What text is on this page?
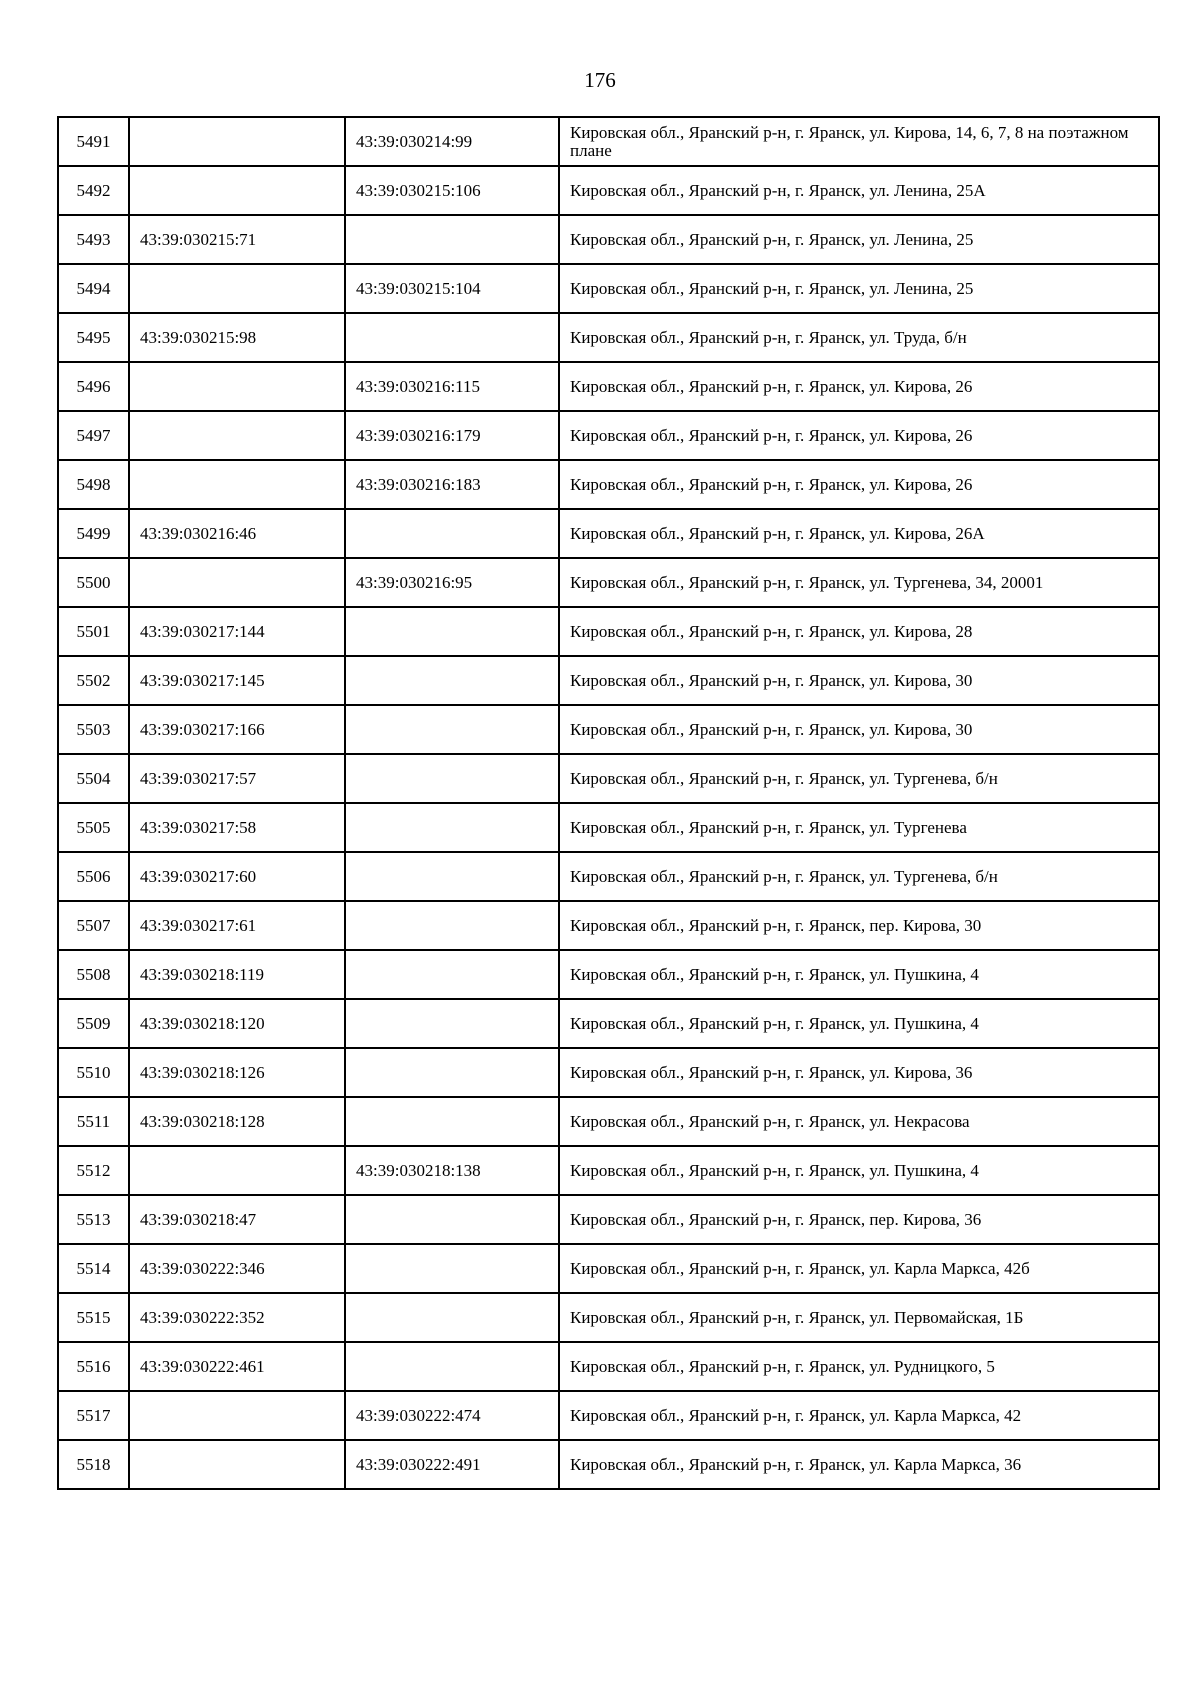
176
5491		43:39:030214:99	Кировская обл., Яранский р-н, г. Яранск, ул. Кирова, 14, 6, 7, 8 на поэтажном плане
5492		43:39:030215:106	Кировская обл., Яранский р-н, г. Яранск, ул. Ленина, 25А
5493	43:39:030215:71		Кировская обл., Яранский р-н, г. Яранск, ул. Ленина, 25
5494		43:39:030215:104	Кировская обл., Яранский р-н, г. Яранск, ул. Ленина, 25
5495	43:39:030215:98		Кировская обл., Яранский р-н, г. Яранск, ул. Труда, б/н
5496		43:39:030216:115	Кировская обл., Яранский р-н, г. Яранск, ул. Кирова, 26
5497		43:39:030216:179	Кировская обл., Яранский р-н, г. Яранск, ул. Кирова, 26
5498		43:39:030216:183	Кировская обл., Яранский р-н, г. Яранск, ул. Кирова, 26
5499	43:39:030216:46		Кировская обл., Яранский р-н, г. Яранск, ул. Кирова, 26А
5500		43:39:030216:95	Кировская обл., Яранский р-н, г. Яранск, ул. Тургенева, 34, 20001
5501	43:39:030217:144		Кировская обл., Яранский р-н, г. Яранск, ул. Кирова, 28
5502	43:39:030217:145		Кировская обл., Яранский р-н, г. Яранск, ул. Кирова, 30
5503	43:39:030217:166		Кировская обл., Яранский р-н, г. Яранск, ул. Кирова, 30
5504	43:39:030217:57		Кировская обл., Яранский р-н, г. Яранск, ул. Тургенева, б/н
5505	43:39:030217:58		Кировская обл., Яранский р-н, г. Яранск, ул. Тургенева
5506	43:39:030217:60		Кировская обл., Яранский р-н, г. Яранск, ул. Тургенева, б/н
5507	43:39:030217:61		Кировская обл., Яранский р-н, г. Яранск, пер. Кирова, 30
5508	43:39:030218:119		Кировская обл., Яранский р-н, г. Яранск, ул. Пушкина, 4
5509	43:39:030218:120		Кировская обл., Яранский р-н, г. Яранск, ул. Пушкина, 4
5510	43:39:030218:126		Кировская обл., Яранский р-н, г. Яранск, ул. Кирова, 36
5511	43:39:030218:128		Кировская обл., Яранский р-н, г. Яранск, ул. Некрасова
5512		43:39:030218:138	Кировская обл., Яранский р-н, г. Яранск, ул. Пушкина, 4
5513	43:39:030218:47		Кировская обл., Яранский р-н, г. Яранск, пер. Кирова, 36
5514	43:39:030222:346		Кировская обл., Яранский р-н, г. Яранск, ул. Карла Маркса, 42б
5515	43:39:030222:352		Кировская обл., Яранский р-н, г. Яранск, ул. Первомайская, 1Б
5516	43:39:030222:461		Кировская обл., Яранский р-н, г. Яранск, ул. Рудницкого, 5
5517		43:39:030222:474	Кировская обл., Яранский р-н, г. Яранск, ул. Карла Маркса, 42
5518		43:39:030222:491	Кировская обл., Яранский р-н, г. Яранск, ул. Карла Маркса, 36
